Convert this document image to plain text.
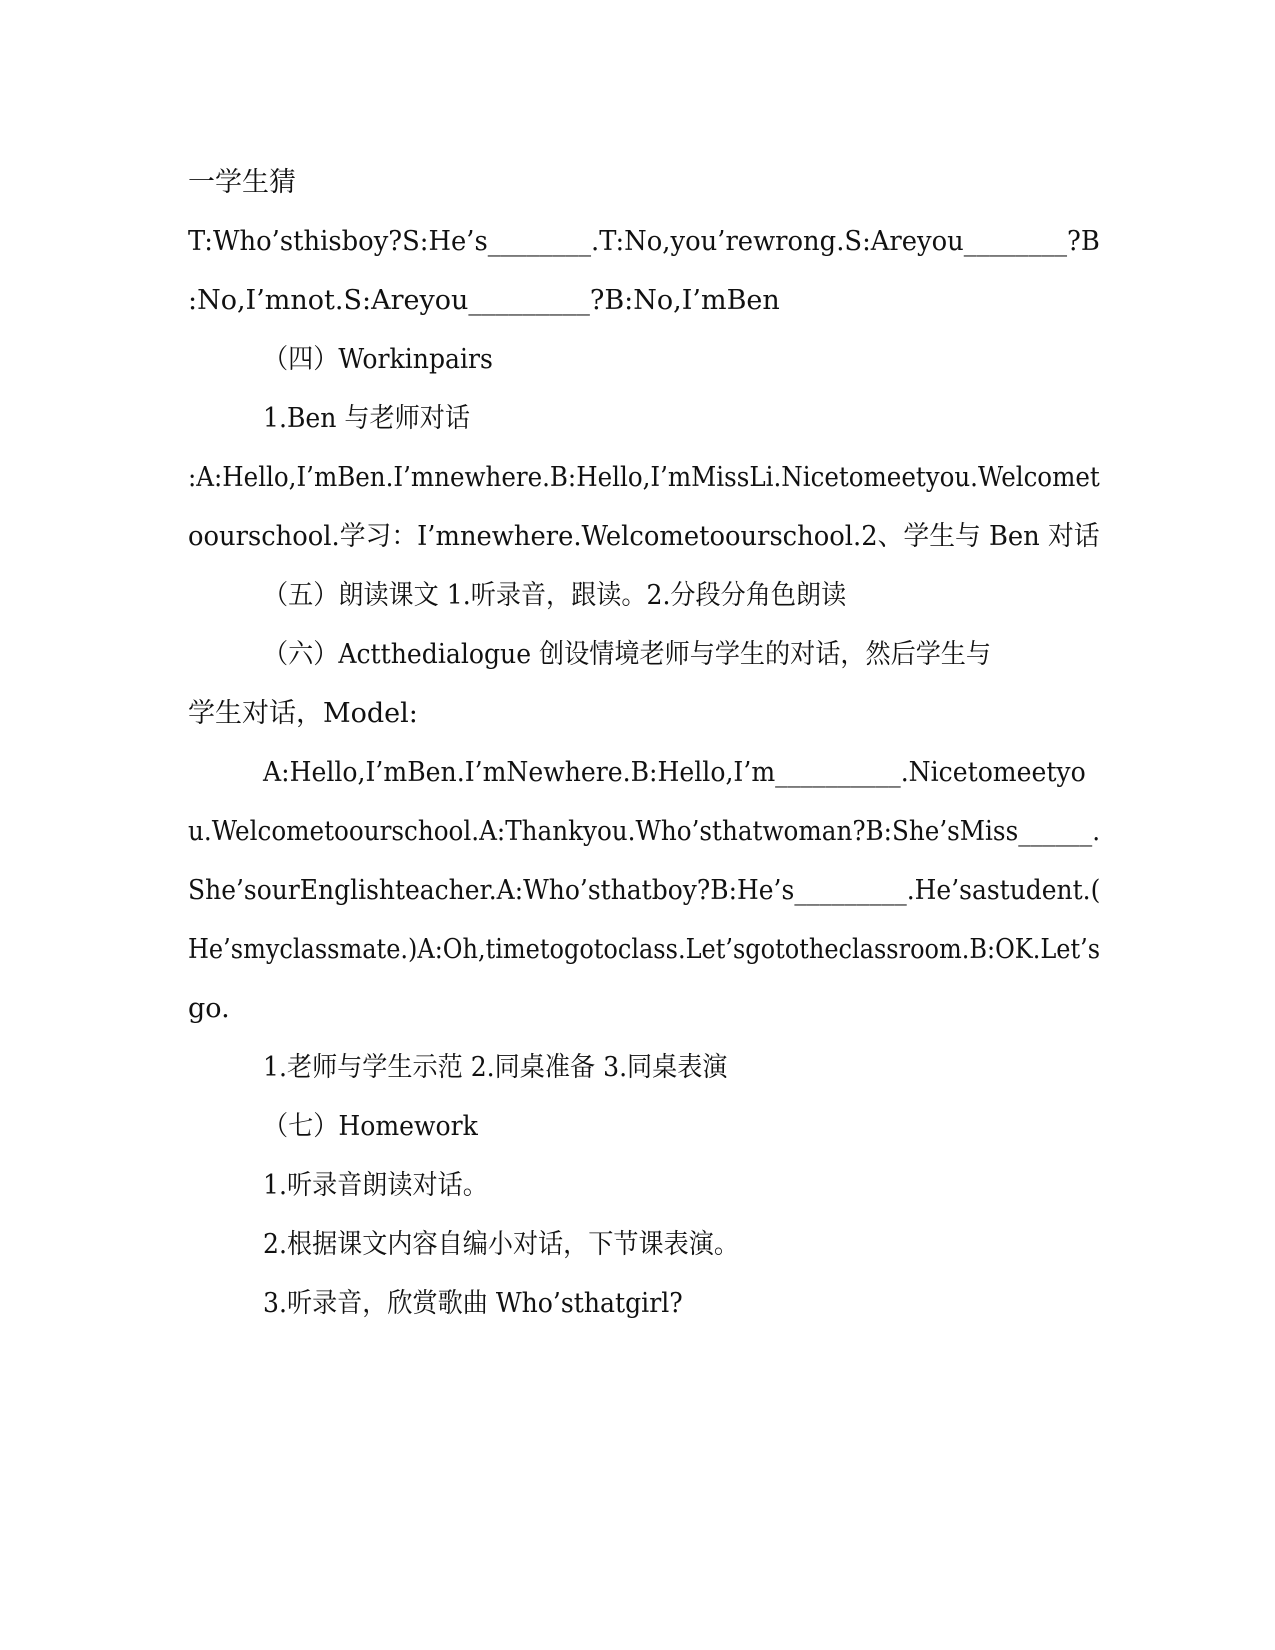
一学生猜
T:Who’sthisboy?S:He’s________.T:No,you’rewrong.S:Areyou________?B
:No,I’mnot.S:Areyou_________?B:No,I’mBen
（四）Workinpairs
1.Ben 与老师对话
:A:Hello,I’mBen.I’mnewhere.B:Hello,I’mMissLi.Nicetomeetyou.Welcomet
oourschool.学习：I’mnewhere.Welcometoourschool.2、学生与 Ben 对话
（五）朗读课文 1.听录音，跟读。2.分段分角色朗读
（六）Actthedialogue 创设情境老师与学生的对话，然后学生与
学生对话，Model:
A:Hello,I’mBen.I’mNewhere.B:Hello,I’m__________.Nicetomeetyo
u.Welcometoourschool.A:Thankyou.Who’sthatwoman?B:She’sMiss______.
She’sourEnglishteacher.A:Who’sthatboy?B:He’s_________.He’sastudent.(
He’smyclassmate.)A:Oh,timetogotoclass.Let’sgototheclassroom.B:OK.Let’s
go.
1.老师与学生示范 2.同桌准备 3.同桌表演
（七）Homework
1.听录音朗读对话。
2.根据课文内容自编小对话，下节课表演。
3.听录音，欣赏歌曲 Who’sthatgirl?
